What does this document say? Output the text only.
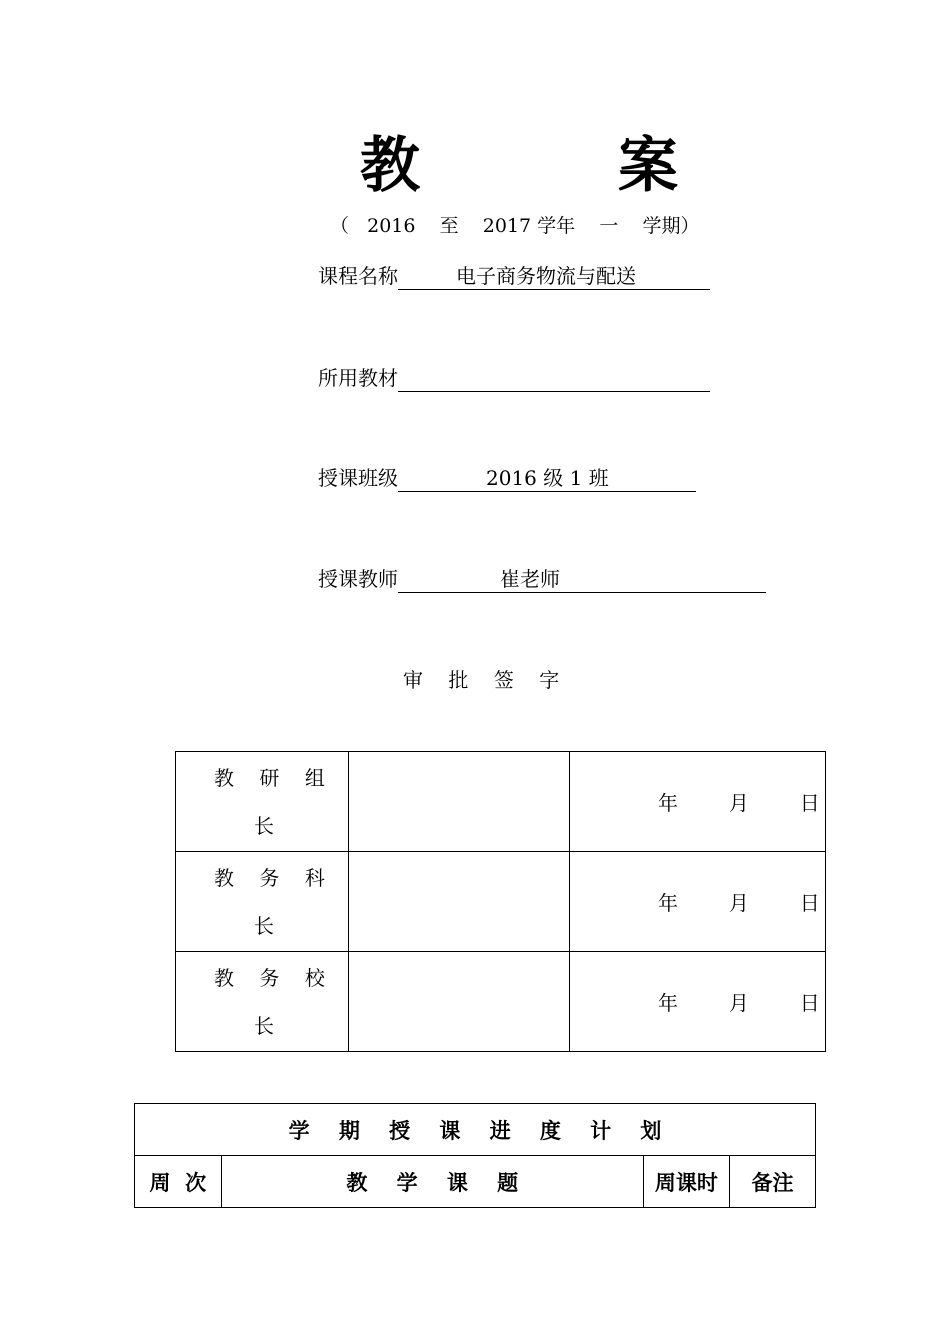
教	案
（   2016    至    2017 学年    一    学期）
课程名称

	电子商务物流与配送

所用教材

授课班级

	2016 级 1 班

授课教师

	崔老师

审    批    签    字
教    研    组
长		年        月        日

教    务    科
长		年        月        日

教    务    校
长		年        月        日
学    期    授    课    进    度    计    划
周  次	教    学    课    题	周课时	备注
